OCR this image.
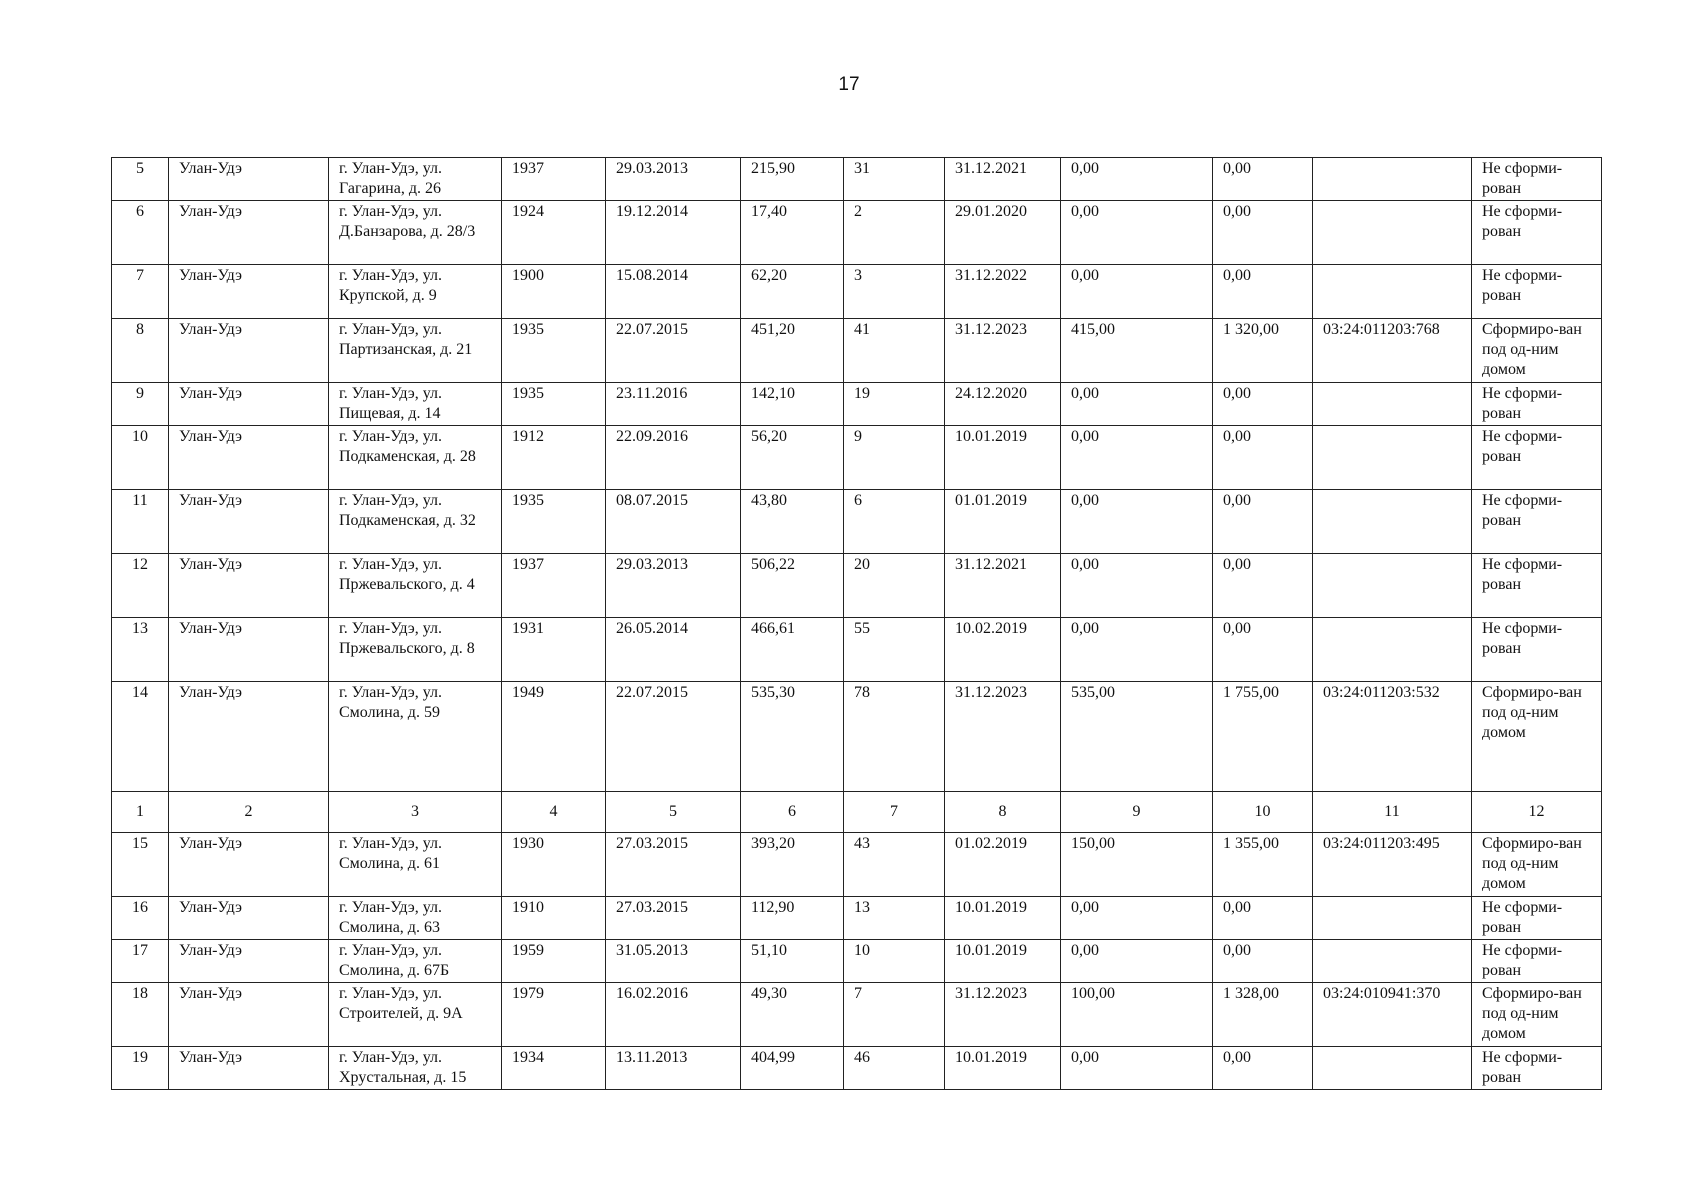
17
5	Улан-Удэ	г. Улан-Удэ, ул. Гагарина, д. 26	1937	29.03.2013	215,90	31	31.12.2021	0,00	0,00		Не сформи-рован
6	Улан-Удэ	г. Улан-Удэ, ул. Д.Банзарова, д. 28/3	1924	19.12.2014	17,40	2	29.01.2020	0,00	0,00		Не сформи-рован
7	Улан-Удэ	г. Улан-Удэ, ул. Крупской, д. 9	1900	15.08.2014	62,20	3	31.12.2022	0,00	0,00		Не сформи-рован
8	Улан-Удэ	г. Улан-Удэ, ул. Партизанская, д. 21	1935	22.07.2015	451,20	41	31.12.2023	415,00	1 320,00	03:24:011203:768	Сформиро-ван под од-ним домом
9	Улан-Удэ	г. Улан-Удэ, ул. Пищевая, д. 14	1935	23.11.2016	142,10	19	24.12.2020	0,00	0,00		Не сформи-рован
10	Улан-Удэ	г. Улан-Удэ, ул. Подкаменская, д. 28	1912	22.09.2016	56,20	9	10.01.2019	0,00	0,00		Не сформи-рован
11	Улан-Удэ	г. Улан-Удэ, ул. Подкаменская, д. 32	1935	08.07.2015	43,80	6	01.01.2019	0,00	0,00		Не сформи-рован
12	Улан-Удэ	г. Улан-Удэ, ул. Пржевальского, д. 4	1937	29.03.2013	506,22	20	31.12.2021	0,00	0,00		Не сформи-рован
13	Улан-Удэ	г. Улан-Удэ, ул. Пржевальского, д. 8	1931	26.05.2014	466,61	55	10.02.2019	0,00	0,00		Не сформи-рован
14	Улан-Удэ	г. Улан-Удэ, ул. Смолина, д. 59	1949	22.07.2015	535,30	78	31.12.2023	535,00	1 755,00	03:24:011203:532	Сформиро-ван под од-ним домом
1	2	3	4	5	6	7	8	9	10	11	12
15	Улан-Удэ	г. Улан-Удэ, ул. Смолина, д. 61	1930	27.03.2015	393,20	43	01.02.2019	150,00	1 355,00	03:24:011203:495	Сформиро-ван под од-ним домом
16	Улан-Удэ	г. Улан-Удэ, ул. Смолина, д. 63	1910	27.03.2015	112,90	13	10.01.2019	0,00	0,00		Не сформи-рован
17	Улан-Удэ	г. Улан-Удэ, ул. Смолина, д. 67Б	1959	31.05.2013	51,10	10	10.01.2019	0,00	0,00		Не сформи-рован
18	Улан-Удэ	г. Улан-Удэ, ул. Строителей, д. 9А	1979	16.02.2016	49,30	7	31.12.2023	100,00	1 328,00	03:24:010941:370	Сформиро-ван под од-ним домом
19	Улан-Удэ	г. Улан-Удэ, ул. Хрустальная, д. 15	1934	13.11.2013	404,99	46	10.01.2019	0,00	0,00		Не сформи-рован
